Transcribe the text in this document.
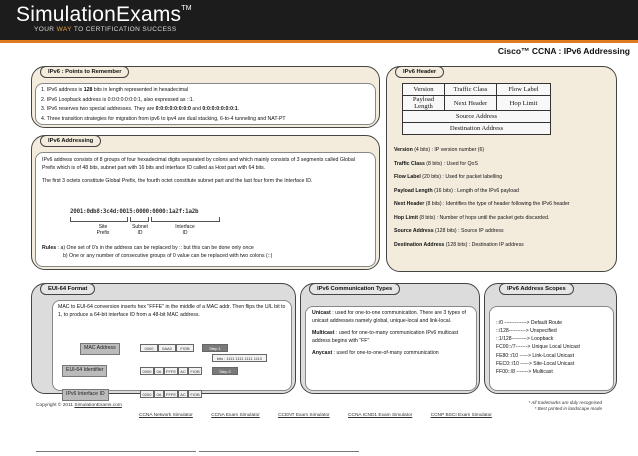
SimulationExams™
YOUR WAY TO CERTIFICATION SUCCESS
Cisco™ CCNA : IPv6 Addressing
IPv6 : Points to Remember
1. IPv6 address is 128 bits in length represented in hexadecimal
2. IPv6 Loopback address is 0:0:0:0:0:0:0:1, also expressed as ::1.
3. IPv6 reserves two special addresses. They are 0:0:0:0:0:0:0:0 and 0:0:0:0:0:0:0:1.
4. Three transition strategies for migration from ipv6 to ipv4 are dual stacking, 6-to-4 tunneling and NAT-PT
IPv6 Addressing
IPv6 address consists of 8 groups of four hexadecimal digits separated by colons and which mainly consists of 3 segments called Global Prefix which is of 48 bits, subnet part with 16 bits and interface ID called as Host part with 64 bits.
The first 3 octets constitute Global Prefix, the fourth octet constitute subnet part and the last four form the Interface ID.
2001:0db8:3c4d:0015:0000:0000:1a2f:1a2b
Site
Prefix
Subnet
ID
Interface
ID
Rules : a) One set of 0's in the address can be replaced by :: but this can be done only once
b) One or any number of consecutive groups of 0 value can be replaced with two colons (::)
IPv6 Header
Version	Traffic Class	Flow Label
Payload Length	Next Header	Hop Limit
Source Address		
Destination Address		
Version (4 bits) : IP version number (6)
Traffic Class (8 bits) : Used for QoS
Flow Label (20 bits) : Used for packet labelling
Payload Length (16 bits) : Length of the IPv6 payload
Next Header (8 bits) : Identifies the type of header following the IPv6 header
Hop Limit (8 bits) : Number of hops until the packet gets discarded.
Source Address (128 bits) : Source IP address
Destination Address (128 bits) : Destination IP address
EUI-64 Format
MAC to EUI-64 conversion inserts hex "FFFE" in the middle of a MAC addr. Then flips the U/L bit to 1, to produce a 64-bit interface ID from a 48-bit MAC address.
MAC Address	0000	0AA0	FIOB	Step 1
bits : 1111 1111 1111 1110
EUI-64 Identifier	0000	0A	FFFE	AC	FIOB	Step 2
IPv6 Interface ID	0200	0A	FFFE	AC	FIOB
IPv6 Communication Types
Unicast : used for one-to-one communication. There are 3 types of unicast addresses namely global, unique-local and link-local.
Multicast : used for one-to-many communication IPv6 multicast address begins with "FF"
Anycast : used for one-to-one-of-many communication
IPv6 Address Scopes
::/0 -------------> Default Route
::/128----------> Unspecified
::1/128---------> Loopback
FC00::/7-------> Unique Local Unicast
FE80::/10 -----> Link-Local Unicast
FEC0::/10 -----> Site-Local Unicast
FF00::/8 -------> Multicast
Copyright © 2011 SimulationExams.com
* All trademarks are duly recognised
* Best printed in landscape mode
CCNA Network Simulator	CCNA Exam Simulator	CCENT Exam Simulator	CCNA ICND1 Exam Simulator	CCNP BSCI Exam Simulator
